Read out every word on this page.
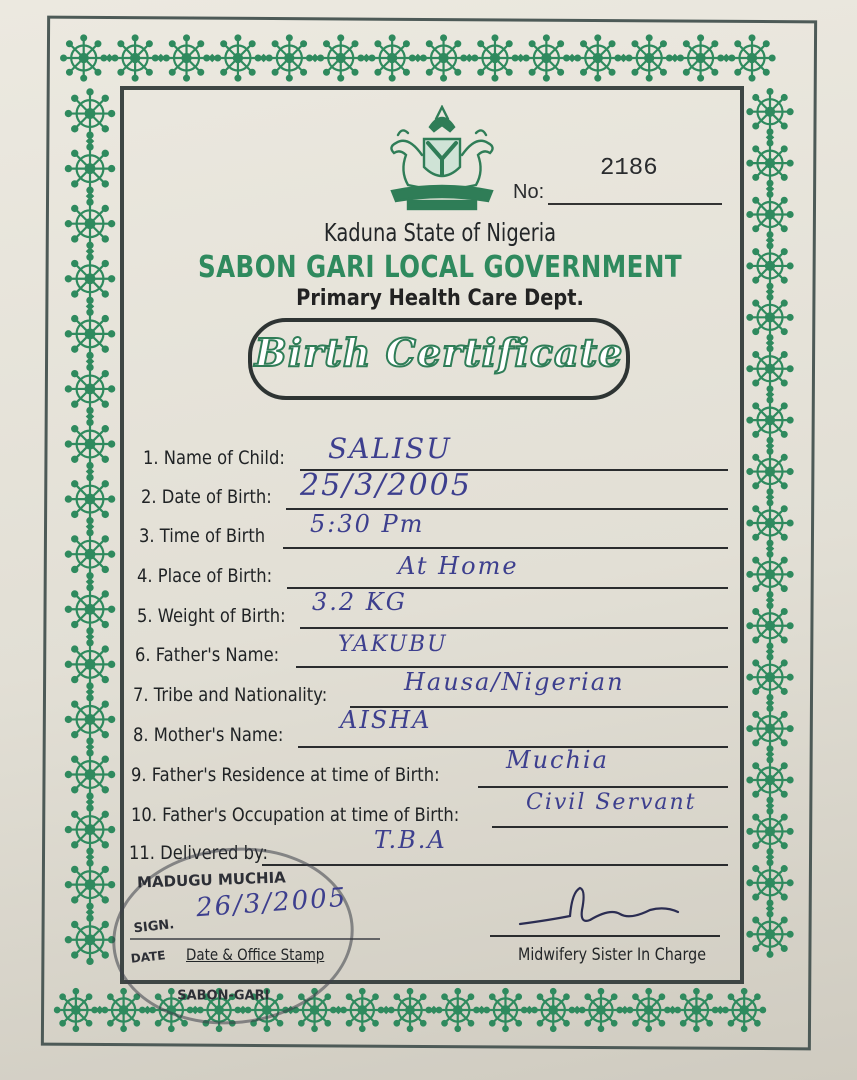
2186
No:
Kaduna State of Nigeria
SABON GARI LOCAL GOVERNMENT
Primary Health Care Dept.
Birth Certificate
1. Name of Child: SALISU
2. Date of Birth: 25/3/2005
3. Time of Birth 5:30 Pm
4. Place of Birth:	At Home
5. Weight of Birth: 3.2 KG
6. Father's Name:	YAKUBU
7. Tribe and Nationality:	Hausa/Nigerian
8. Mother's Name:
AISHA
9. Father's Residence at time of Birth:
Muchia
10. Father's Occupation at time of Birth:	Civil Servant
11. Delivered by:	T.B.A
MADUGU MUCHIA
SIGN.
DATE
SABON-GARI
26/3/2005
Date & Office Stamp	Midwifery Sister In Charge
